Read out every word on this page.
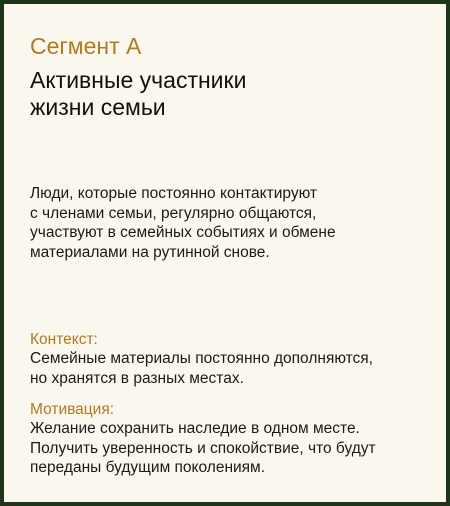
Сегмент А
Активные участники
жизни семьи
Люди, которые постоянно контактируют
с членами семьи, регулярно общаются,
участвуют в семейных событиях и обмене
материалами на рутинной снове.
Контекст:
Семейные материалы постоянно дополняются,
но хранятся в разных местах.
Мотивация:
Желание сохранить наследие в одном месте.
Получить уверенность и спокойствие, что будут
переданы будущим поколениям.
